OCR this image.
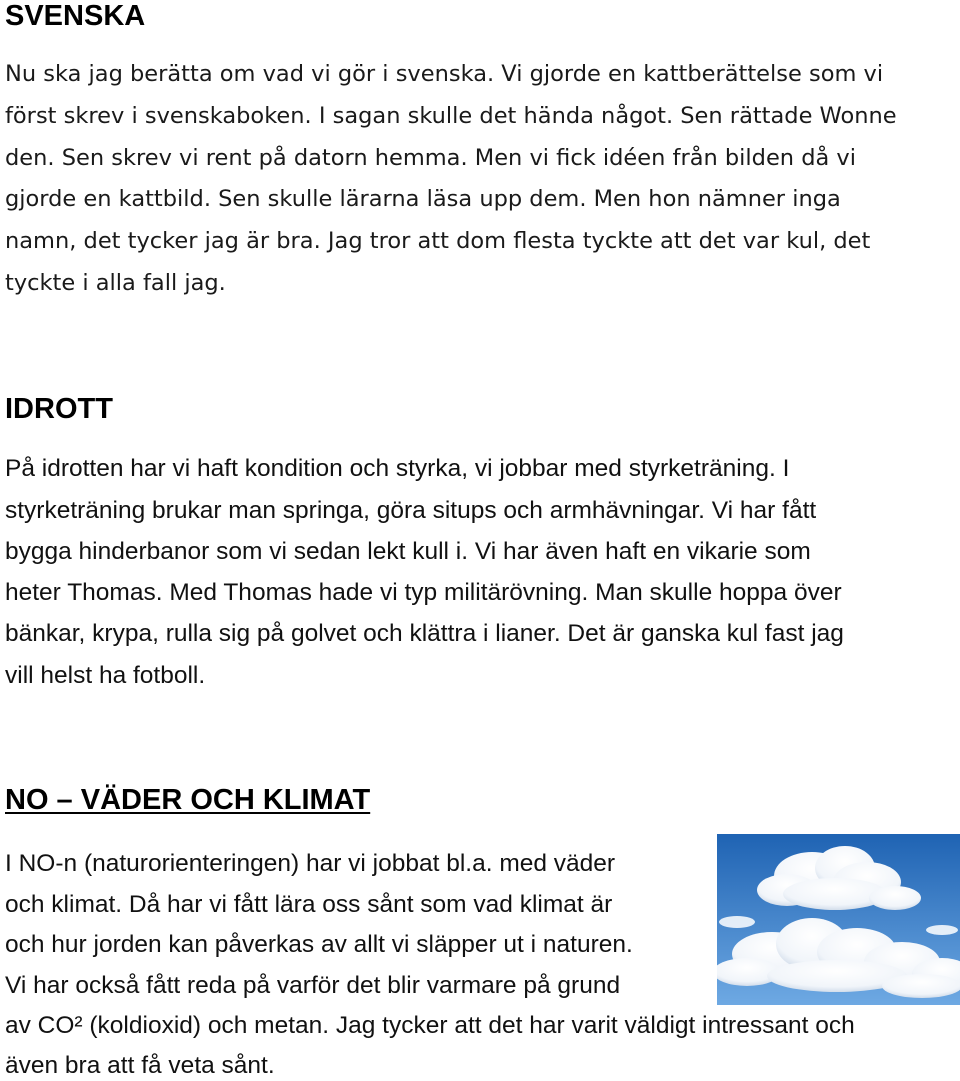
SVENSKA

Nu ska jag berätta om vad vi gör i svenska. Vi gjorde en kattberättelse som vi

först skrev i svenskaboken. I sagan skulle det hända något. Sen rättade Wonne

den. Sen skrev vi rent på datorn hemma. Men vi fick idéen från bilden då vi

gjorde en kattbild. Sen skulle lärarna läsa upp dem. Men hon nämner inga

namn, det tycker jag är bra. Jag tror att dom flesta tyckte att det var kul, det

tyckte i alla fall jag.

IDROTT

På idrotten har vi haft kondition och styrka, vi jobbar med styrketräning. I

styrketräning brukar man springa, göra situps och armhävningar. Vi har fått

bygga hinderbanor som vi sedan lekt kull i. Vi har även haft en vikarie som

heter Thomas. Med Thomas hade vi typ militärövning. Man skulle hoppa över

bänkar, krypa, rulla sig på golvet och klättra i lianer. Det är ganska kul fast jag

vill helst ha fotboll.

NO – VÄDER OCH KLIMAT

I NO-n (naturorienteringen) har vi jobbat bl.a. med väder

och klimat. Då har vi fått lära oss sånt som vad klimat är

och hur jorden kan påverkas av allt vi släpper ut i naturen.

Vi har också fått reda på varför det blir varmare på grund

av CO² (koldioxid) och metan. Jag tycker att det har varit väldigt intressant och

även bra att få veta sånt.
